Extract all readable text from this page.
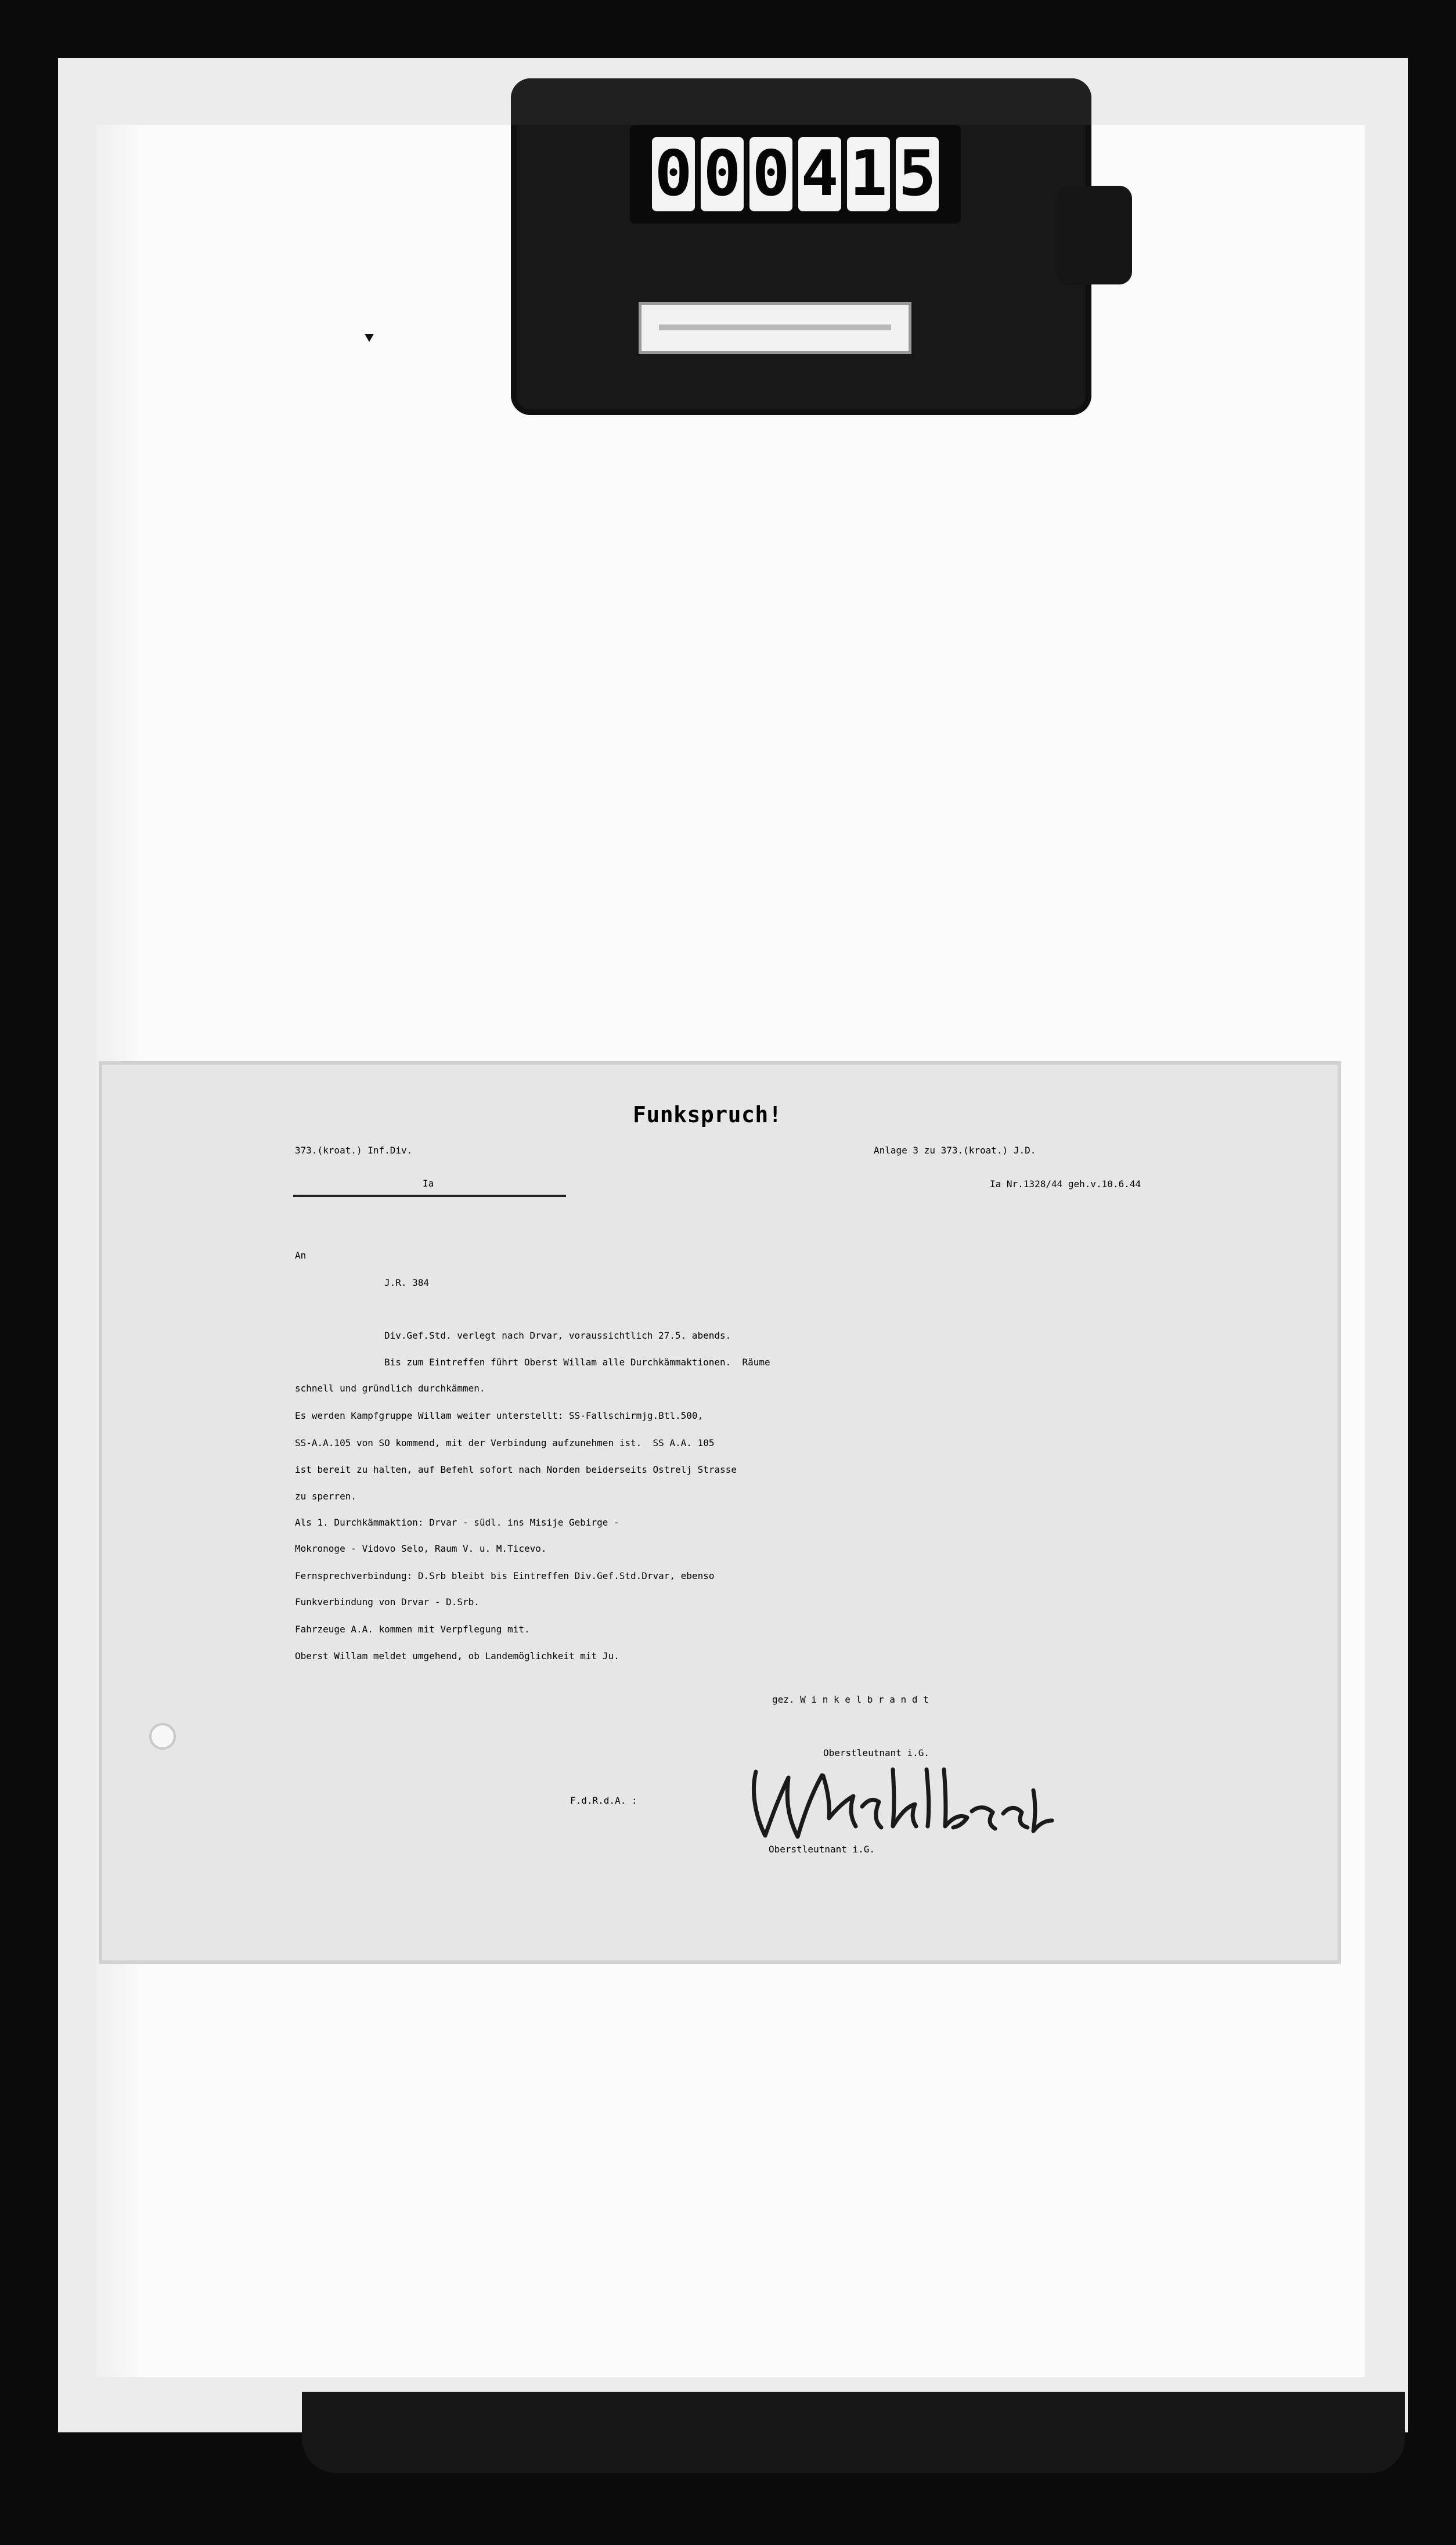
0 0 0 4 1 5
Funkspruch!
373.(kroat.) Inf.Div.
Ia
Anlage 3 zu 373.(kroat.) J.D.
Ia Nr.1328/44 geh.v.10.6.44
An
J.R. 384
Div.Gef.Std. verlegt nach Drvar, voraussichtlich 27.5. abends.
Bis zum Eintreffen führt Oberst Willam alle Durchkämmaktionen.  Räume
schnell und gründlich durchkämmen.
Es werden Kampfgruppe Willam weiter unterstellt: SS-Fallschirmjg.Btl.500,
SS-A.A.105 von SO kommend, mit der Verbindung aufzunehmen ist.  SS A.A. 105
ist bereit zu halten, auf Befehl sofort nach Norden beiderseits Ostrelj Strasse
zu sperren.
Als 1. Durchkämmaktion: Drvar - südl. ins Misije Gebirge -
Mokronoge - Vidovo Selo, Raum V. u. M.Ticevo.
Fernsprechverbindung: D.Srb bleibt bis Eintreffen Div.Gef.Std.Drvar, ebenso
Funkverbindung von Drvar - D.Srb.
Fahrzeuge A.A. kommen mit Verpflegung mit.
Oberst Willam meldet umgehend, ob Landemöglichkeit mit Ju.
gez. W i n k e l b r a n d t
Oberstleutnant i.G.
F.d.R.d.A. :
Oberstleutnant i.G.
